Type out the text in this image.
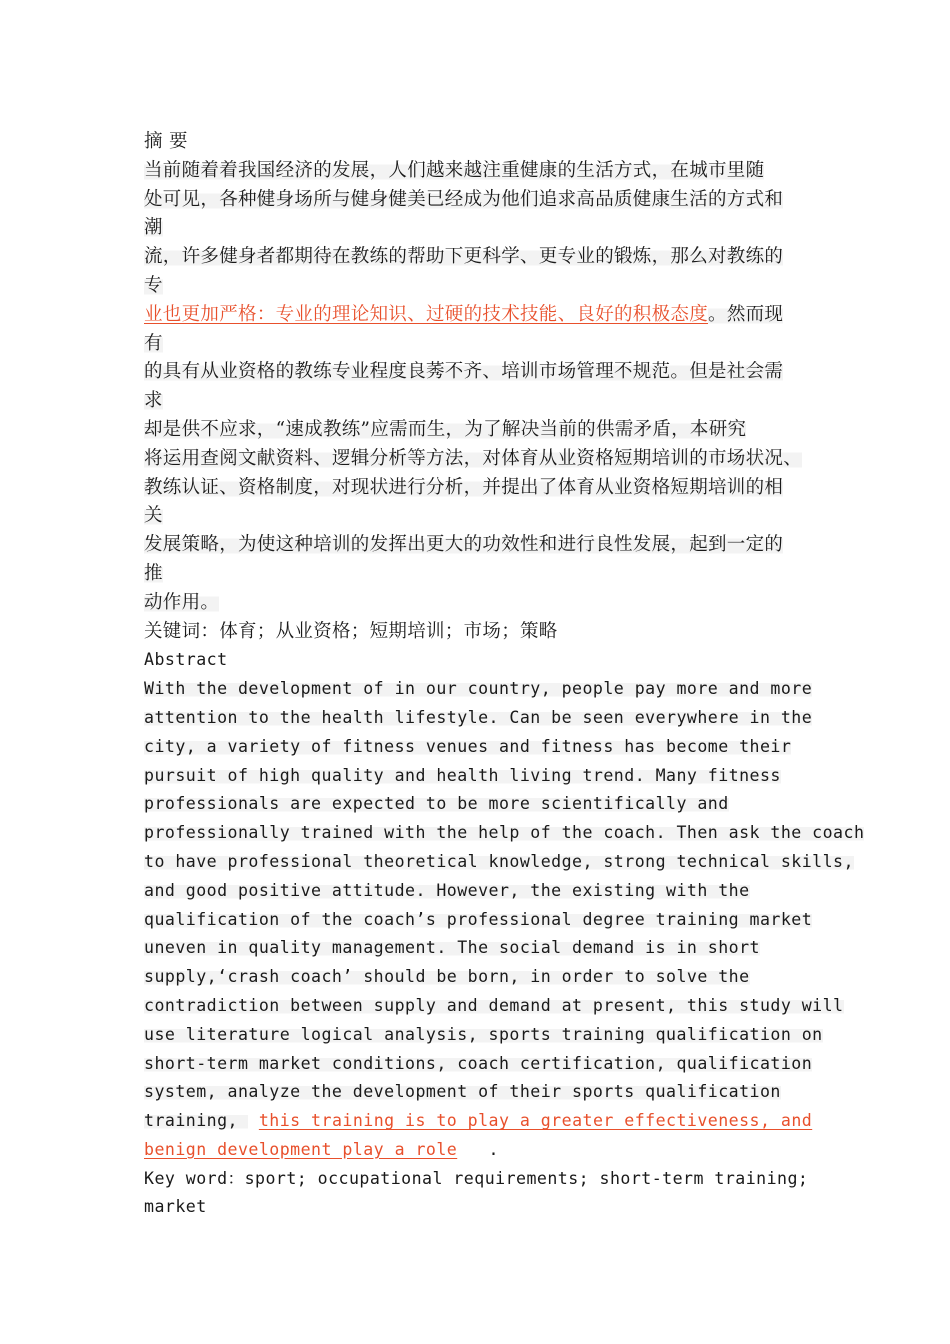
摘 要
当前随着着我国经济的发展，人们越来越注重健康的生活方式，在城市里随
处可见，各种健身场所与健身健美已经成为他们追求高品质健康生活的方式和
潮
流，许多健身者都期待在教练的帮助下更科学、更专业的锻炼，那么对教练的
专
业也更加严格：专业的理论知识、过硬的技术技能、良好的积极态度。然而现
有
的具有从业资格的教练专业程度良莠不齐、培训市场管理不规范。但是社会需
求
却是供不应求，“速成教练”应需而生，为了解决当前的供需矛盾，本研究
将运用查阅文献资料、逻辑分析等方法，对体育从业资格短期培训的市场状况、
教练认证、资格制度，对现状进行分析，并提出了体育从业资格短期培训的相
关
发展策略，为使这种培训的发挥出更大的功效性和进行良性发展，起到一定的
推
动作用。
关键词：体育；从业资格；短期培训；市场；策略
Abstract
With the development of in our country, people pay more and more
attention to the health lifestyle. Can be seen everywhere in the
city, a variety of fitness venues and fitness has become their
pursuit of high quality and health living trend. Many fitness
professionals are expected to be more scientifically and
professionally trained with the help of the coach. Then ask the coach
to have professional theoretical knowledge, strong technical skills,
and good positive attitude. However, the existing with the
qualification of the coach’s professional degree training market
uneven in quality management. The social demand is in short
supply,‘crash coach’ should be born, in order to solve the
contradiction between supply and demand at present, this study will
use literature logical analysis, sports training qualification on
short-term market conditions, coach certification, qualification
system, analyze the development of their sports qualification
training,  this training is to play a greater effectiveness, and
benign development play a role   .
Key word：sport; occupational requirements; short-term training;
market
